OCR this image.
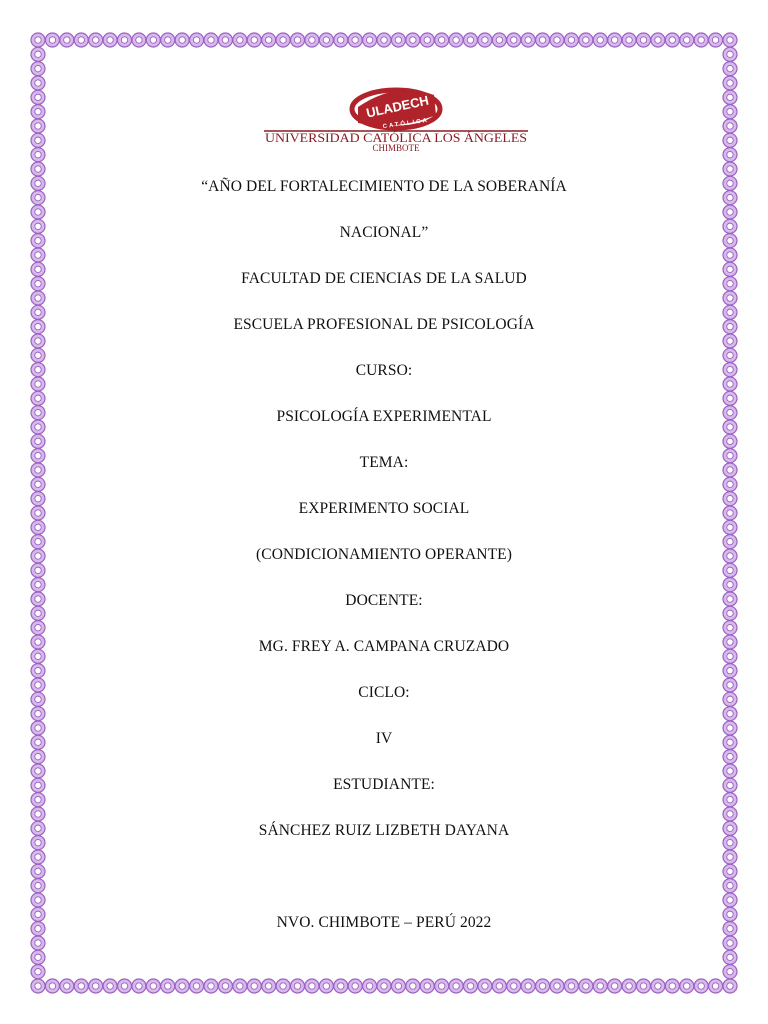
ULADECH
CATÓLICA
UNIVERSIDAD CATÓLICA LOS ÁNGELES
CHIMBOTE
“AÑO DEL FORTALECIMIENTO DE LA SOBERANÍA
NACIONAL”
FACULTAD DE CIENCIAS DE LA SALUD
ESCUELA PROFESIONAL DE PSICOLOGÍA
CURSO:
PSICOLOGÍA EXPERIMENTAL
TEMA:
EXPERIMENTO SOCIAL
(CONDICIONAMIENTO OPERANTE)
DOCENTE:
MG. FREY A. CAMPANA CRUZADO
CICLO:
IV
ESTUDIANTE:
SÁNCHEZ RUIZ LIZBETH DAYANA
NVO. CHIMBOTE – PERÚ 2022
